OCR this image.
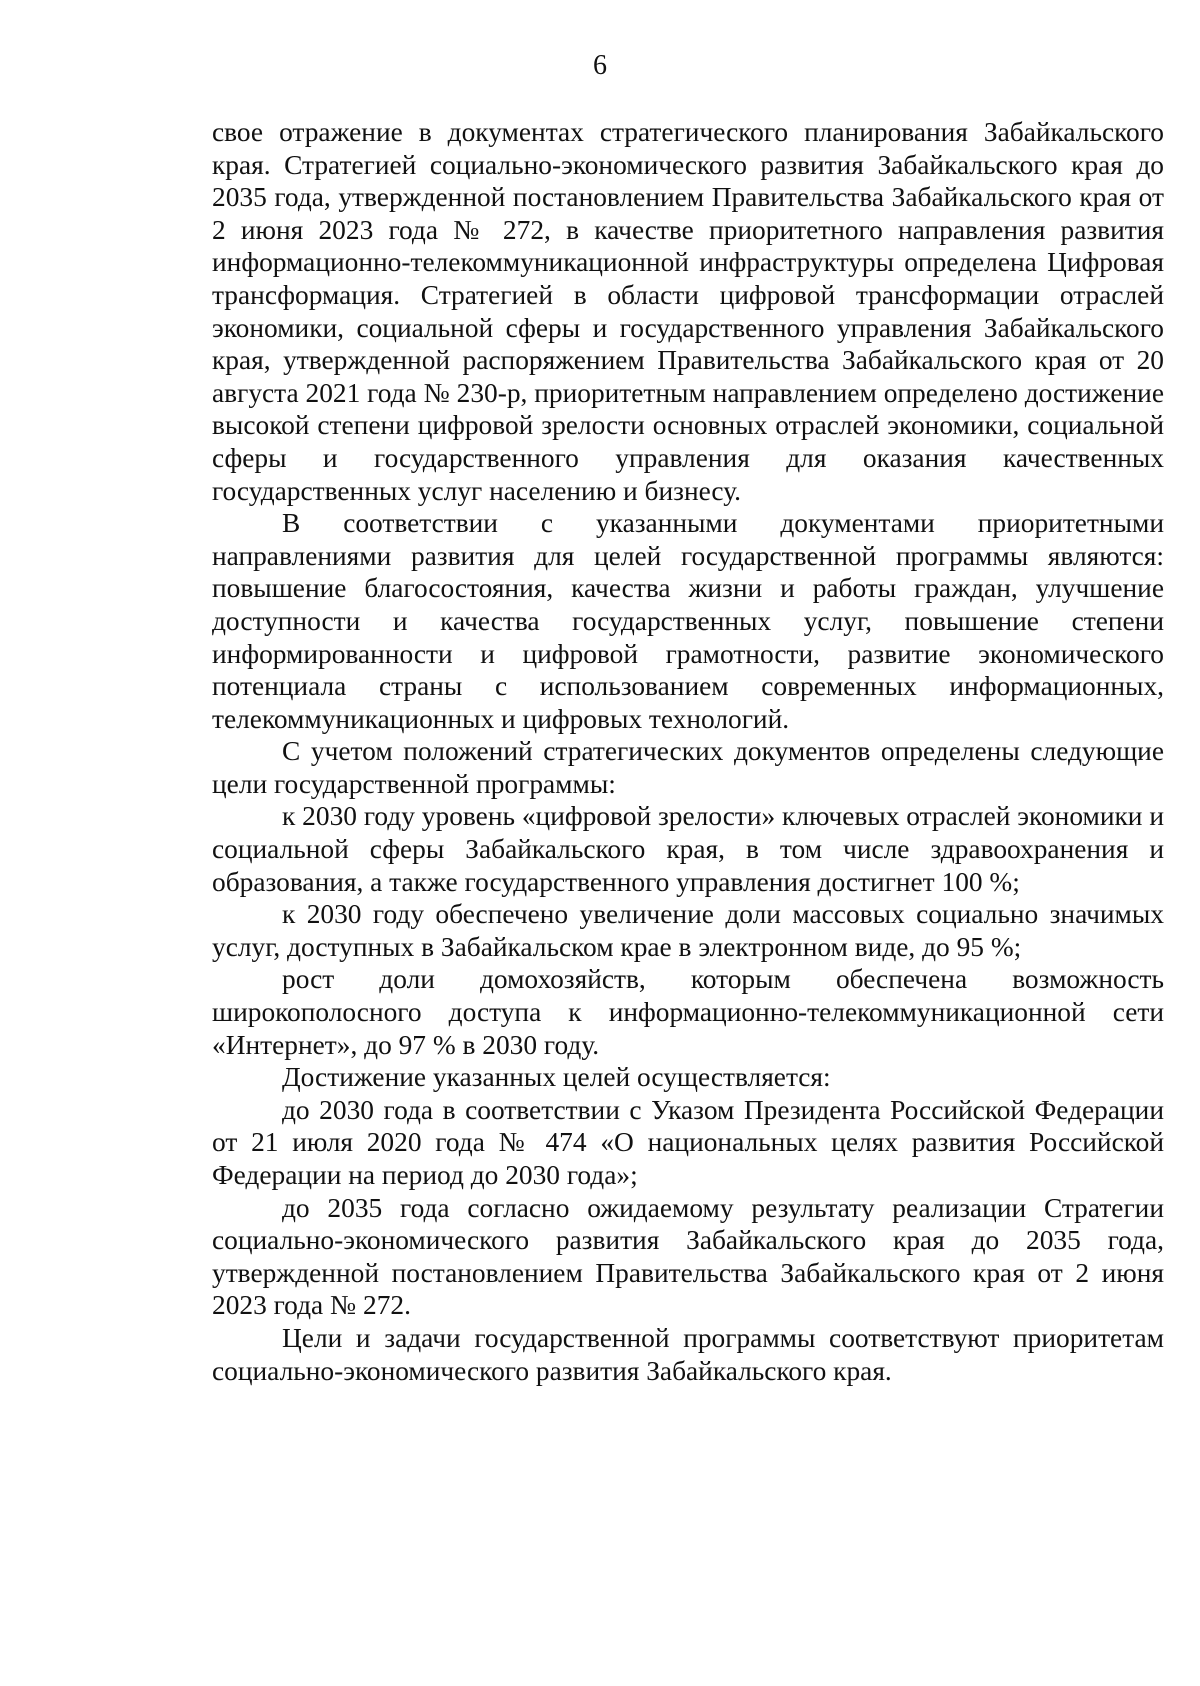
6

свое отражение в документах стратегического планирования Забайкальского края. Стратегией социально-экономического развития Забайкальского края до 2035 года, утвержденной постановлением Правительства Забайкальского края от 2 июня 2023 года № 272, в качестве приоритетного направления развития информационно-телекоммуникационной инфраструктуры определена Цифровая трансформация. Стратегией в области цифровой трансформации отраслей экономики, социальной сферы и государственного управления Забайкальского края, утвержденной распоряжением Правительства Забайкальского края от 20 августа 2021 года № 230-р, приоритетным направлением определено достижение высокой степени цифровой зрелости основных отраслей экономики, социальной сферы и государственного управления для оказания качественных государственных услуг населению и бизнесу.

В соответствии с указанными документами приоритетными направлениями развития для целей государственной программы являются: повышение благосостояния, качества жизни и работы граждан, улучшение доступности и качества государственных услуг, повышение степени информированности и цифровой грамотности, развитие экономического потенциала страны с использованием современных информационных, телекоммуникационных и цифровых технологий.

С учетом положений стратегических документов определены следующие цели государственной программы:

к 2030 году уровень «цифровой зрелости» ключевых отраслей экономики и социальной сферы Забайкальского края, в том числе здравоохранения и образования, а также государственного управления достигнет 100 %;

к 2030 году обеспечено увеличение доли массовых социально значимых услуг, доступных в Забайкальском крае в электронном виде, до 95 %;

рост доли домохозяйств, которым обеспечена возможность широкополосного доступа к информационно-телекоммуникационной сети «Интернет», до 97 % в 2030 году.

Достижение указанных целей осуществляется:

до 2030 года в соответствии с Указом Президента Российской Федерации от 21 июля 2020 года № 474 «О национальных целях развития Российской Федерации на период до 2030 года»;

до 2035 года согласно ожидаемому результату реализации Стратегии социально-экономического развития Забайкальского края до 2035 года, утвержденной постановлением Правительства Забайкальского края от 2 июня 2023 года № 272.

Цели и задачи государственной программы соответствуют приоритетам социально-экономического развития Забайкальского края.
